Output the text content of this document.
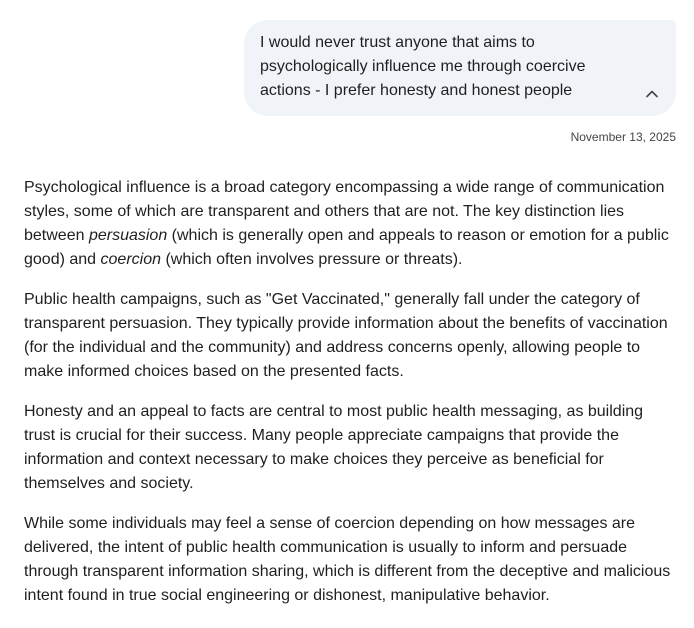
I would never trust anyone that aims to psychologically influence me through coercive actions - I prefer honesty and honest people

November 13, 2025

Psychological influence is a broad category encompassing a wide range of communication styles, some of which are transparent and others that are not. The key distinction lies between persuasion (which is generally open and appeals to reason or emotion for a public good) and coercion (which often involves pressure or threats).

Public health campaigns, such as "Get Vaccinated," generally fall under the category of transparent persuasion. They typically provide information about the benefits of vaccination (for the individual and the community) and address concerns openly, allowing people to make informed choices based on the presented facts.

Honesty and an appeal to facts are central to most public health messaging, as building trust is crucial for their success. Many people appreciate campaigns that provide the information and context necessary to make choices they perceive as beneficial for themselves and society.

While some individuals may feel a sense of coercion depending on how messages are delivered, the intent of public health communication is usually to inform and persuade through transparent information sharing, which is different from the deceptive and malicious intent found in true social engineering or dishonest, manipulative behavior.
